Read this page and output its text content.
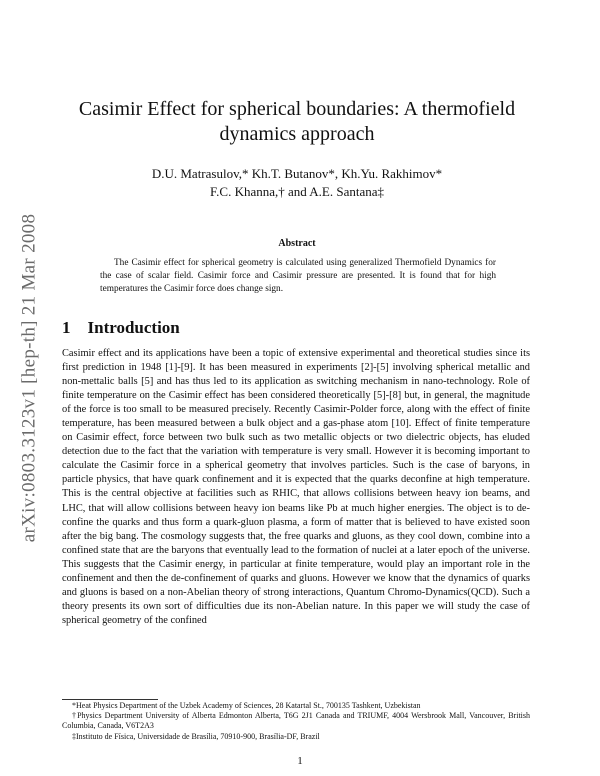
arXiv:0803.3123v1 [hep-th] 21 Mar 2008
Casimir Effect for spherical boundaries: A thermofield
dynamics approach
D.U. Matrasulov,* Kh.T. Butanov*, Kh.Yu. Rakhimov*
F.C. Khanna,† and A.E. Santana‡
Abstract
The Casimir effect for spherical geometry is calculated using generalized Thermofield Dynamics for the case of scalar field. Casimir force and Casimir pressure are presented. It is found that for high temperatures the Casimir force does change sign.
1 Introduction

Casimir effect and its applications have been a topic of extensive experimental and theoretical studies since its first prediction in 1948 [1]-[9]. It has been measured in experiments [2]-[5] involving spherical metallic and non-mettalic balls [5] and has thus led to its application as switching mechanism in nano-technology. Role of finite temperature on the Casimir effect has been considered theoretically [5]-[8] but, in general, the magnitude of the force is too small to be measured precisely. Recently Casimir-Polder force, along with the effect of finite temperature, has been measured between a bulk object and a gas-phase atom [10]. Effect of finite temperature on Casimir effect, force between two bulk such as two metallic objects or two dielectric objects, has eluded detection due to the fact that the variation with temperature is very small. However it is becoming important to calculate the Casimir force in a spherical geometry that involves particles. Such is the case of baryons, in particle physics, that have quark confinement and it is expected that the quarks deconfine at high temperature. This is the central objective at facilities such as RHIC, that allows collisions between heavy ion beams, and LHC, that will allow collisions between heavy ion beams like Pb at much higher energies. The object is to de-confine the quarks and thus form a quark-gluon plasma, a form of matter that is believed to have existed soon after the big bang. The cosmology suggests that, the free quarks and gluons, as they cool down, combine into a confined state that are the baryons that eventually lead to the formation of nuclei at a later epoch of the universe. This suggests that the Casimir energy, in particular at finite temperature, would play an important role in the confinement and then the de-confinement of quarks and gluons. However we know that the dynamics of quarks and gluons is based on a non-Abelian theory of strong interactions, Quantum Chromo-Dynamics(QCD). Such a theory presents its own sort of difficulties due its non-Abelian nature. In this paper we will study the case of spherical geometry of the confined

*Heat Physics Department of the Uzbek Academy of Sciences, 28 Katartal St., 700135 Tashkent, Uzbekistan

†Physics Department University of Alberta Edmonton Alberta, T6G 2J1 Canada and TRIUMF, 4004 Wersbrook Mall, Vancouver, British Columbia, Canada, V6T2A3

‡Instituto de Física, Universidade de Brasília, 70910-900, Brasília-DF, Brazil

1
